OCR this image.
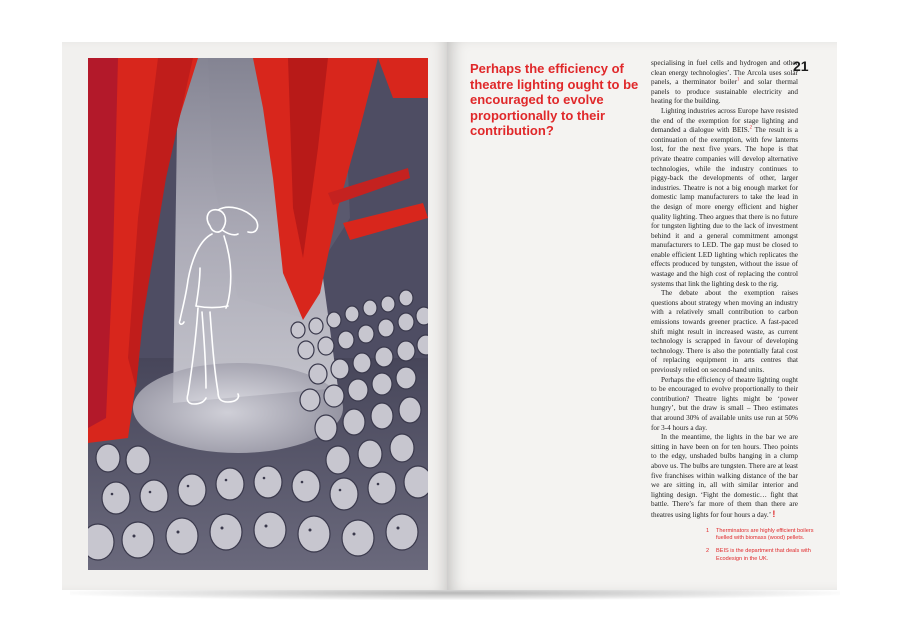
Perhaps the efficiency of theatre lighting ought to be encouraged to evolve proportionally to their contribution?
21

specialising in fuel cells and hydrogen and other clean energy technologies’. The Arcola uses solar panels, a therminator boiler$^1$ and solar thermal panels to produce sustainable electricity and heating for the building.

Lighting industries across Europe have resisted the end of the exemption for stage lighting and demanded a dialogue with BEIS.$^2$ The result is a continuation of the exemption, with few lanterns lost, for the next five years. The hope is that private theatre companies will develop alternative technologies, while the industry continues to piggy-back the developments of other, larger industries. Theatre is not a big enough market for domestic lamp manufacturers to take the lead in the design of more energy efficient and higher quality lighting. Theo argues that there is no future for tungsten lighting due to the lack of investment behind it and a general commitment amongst manufacturers to LED. The gap must be closed to enable efficient LED lighting which replicates the effects produced by tungsten, without the issue of wastage and the high cost of replacing the control systems that link the lighting desk to the rig.

The debate about the exemption raises questions about strategy when moving an industry with a relatively small contribution to carbon emissions towards greener practice. A fast-paced shift might result in increased waste, as current technology is scrapped in favour of developing technology. There is also the potentially fatal cost of replacing equipment in arts centres that previously relied on second-hand units.

Perhaps the efficiency of theatre lighting ought to be encouraged to evolve proportionally to their contribution? Theatre lights might be ‘power hungry’, but the draw is small – Theo estimates that around 30% of available units use run at 50% for 3-4 hours a day.

In the meantime, the lights in the bar we are sitting in have been on for ten hours. Theo points to the edgy, unshaded bulbs hanging in a clump above us. The bulbs are tungsten. There are at least five franchises within walking distance of the bar we are sitting in, all with similar interior and lighting design. ‘Fight the domestic… fight that battle. There’s far more of them than there are theatres using lights for four hours a day.’ !

1	Therminators are highly efficient boilers fuelled with biomass (wood) pellets.
2	BEIS is the department that deals with Ecodesign in the UK.
